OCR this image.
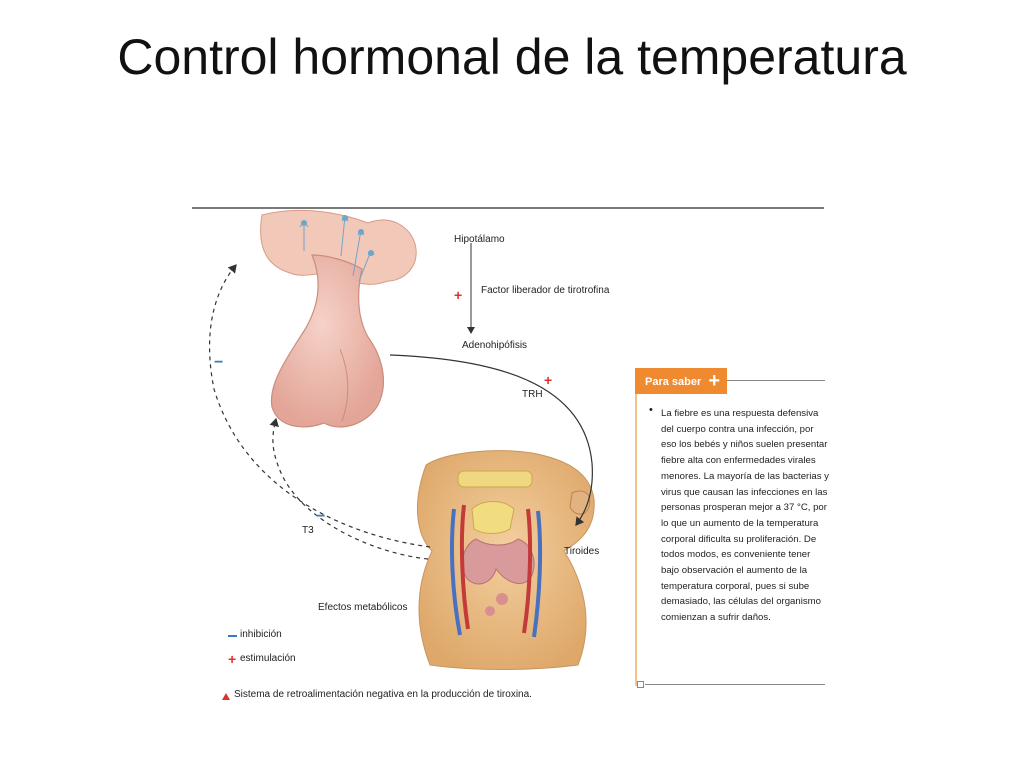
Control hormonal de la temperatura
Hipotálamo
Factor liberador de tirotrofina
+
Adenohipófisis
TRH
+
−
−
T3
Tiroides
Efectos metabólicos
inhibición
+ estimulación
Sistema de retroalimentación negativa en la producción de tiroxina.
Para saber +
• La fiebre es una respuesta defensiva del cuerpo contra una infección, por eso los bebés y niños suelen presentar fiebre alta con enfermedades virales menores. La mayoría de las bacterias y virus que causan las infecciones en las personas prosperan mejor a 37 °C, por lo que un aumento de la temperatura corporal dificulta su proliferación. De todos modos, es conveniente tener bajo observación el aumento de la temperatura corporal, pues si sube demasiado, las células del organismo comienzan a sufrir daños.
